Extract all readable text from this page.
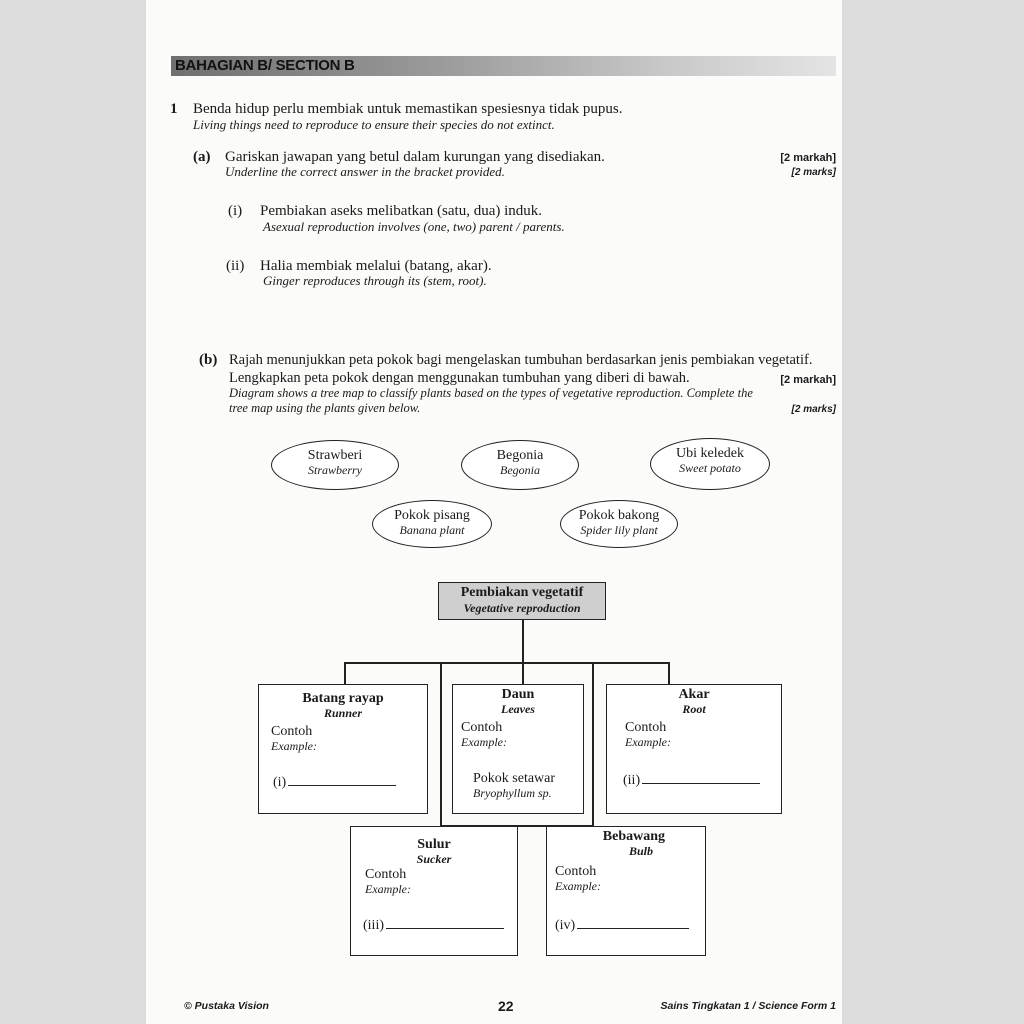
BAHAGIAN B/ SECTION B
1 Benda hidup perlu membiak untuk memastikan spesiesnya tidak pupus.
Living things need to reproduce to ensure their species do not extinct.
(a) Gariskan jawapan yang betul dalam kurungan yang disediakan.
Underline the correct answer in the bracket provided.
[2 markah]
[2 marks]
(i) Pembiakan aseks melibatkan (satu, dua) induk.
Asexual reproduction involves (one, two) parent / parents.
(ii) Halia membiak melalui (batang, akar).
Ginger reproduces through its (stem, root).
(b) Rajah menunjukkan peta pokok bagi mengelaskan tumbuhan berdasarkan jenis pembiakan vegetatif.
Lengkapkan peta pokok dengan menggunakan tumbuhan yang diberi di bawah.
Diagram shows a tree map to classify plants based on the types of vegetative reproduction. Complete the
tree map using the plants given below.
[2 markah]
[2 marks]
Strawberi
Strawberry
Begonia
Begonia
Ubi keledek
Sweet potato
Pokok pisang
Banana plant
Pokok bakong
Spider lily plant
Pembiakan vegetatif
Vegetative reproduction
Batang rayap
Runner
Contoh
Example:
(i)
Daun
Leaves
Contoh
Example:
Pokok setawar
Bryophyllum sp.
Akar
Root
Contoh
Example:
(ii)
Sulur
Sucker
Contoh
Example:
(iii)
Bebawang
Bulb
Contoh
Example:
(iv)
© Pustaka Vision	22	Sains Tingkatan 1 / Science Form 1
